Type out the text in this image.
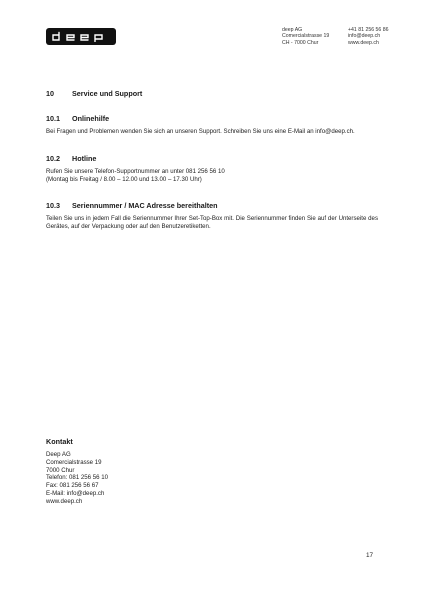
deep AG
Comercialstrasse 19
CH - 7000 Chur
+41 81 256 56 86
info@deep.ch
www.deep.ch
10	Service und Support
10.1	Onlinehilfe
Bei Fragen und Problemen wenden Sie sich an unseren Support. Schreiben Sie uns eine E-Mail an info@deep.ch.
10.2	Hotline
Rufen Sie unsere Telefon-Supportnummer an unter 081 256 56 10
(Montag bis Freitag / 8.00 – 12.00 und 13.00 – 17.30 Uhr)
10.3	Seriennummer / MAC Adresse bereithalten
Teilen Sie uns in jedem Fall die Seriennummer Ihrer Set-Top-Box mit. Die Seriennummer finden Sie auf der Unterseite des Gerätes, auf der Verpackung oder auf den Benutzeretiketten.
Kontakt
Deep AG
Comercialstrasse 19
7000 Chur
Telefon: 081 256 56 10
Fax: 081 256 56 67
E-Mail: info@deep.ch
www.deep.ch
17
